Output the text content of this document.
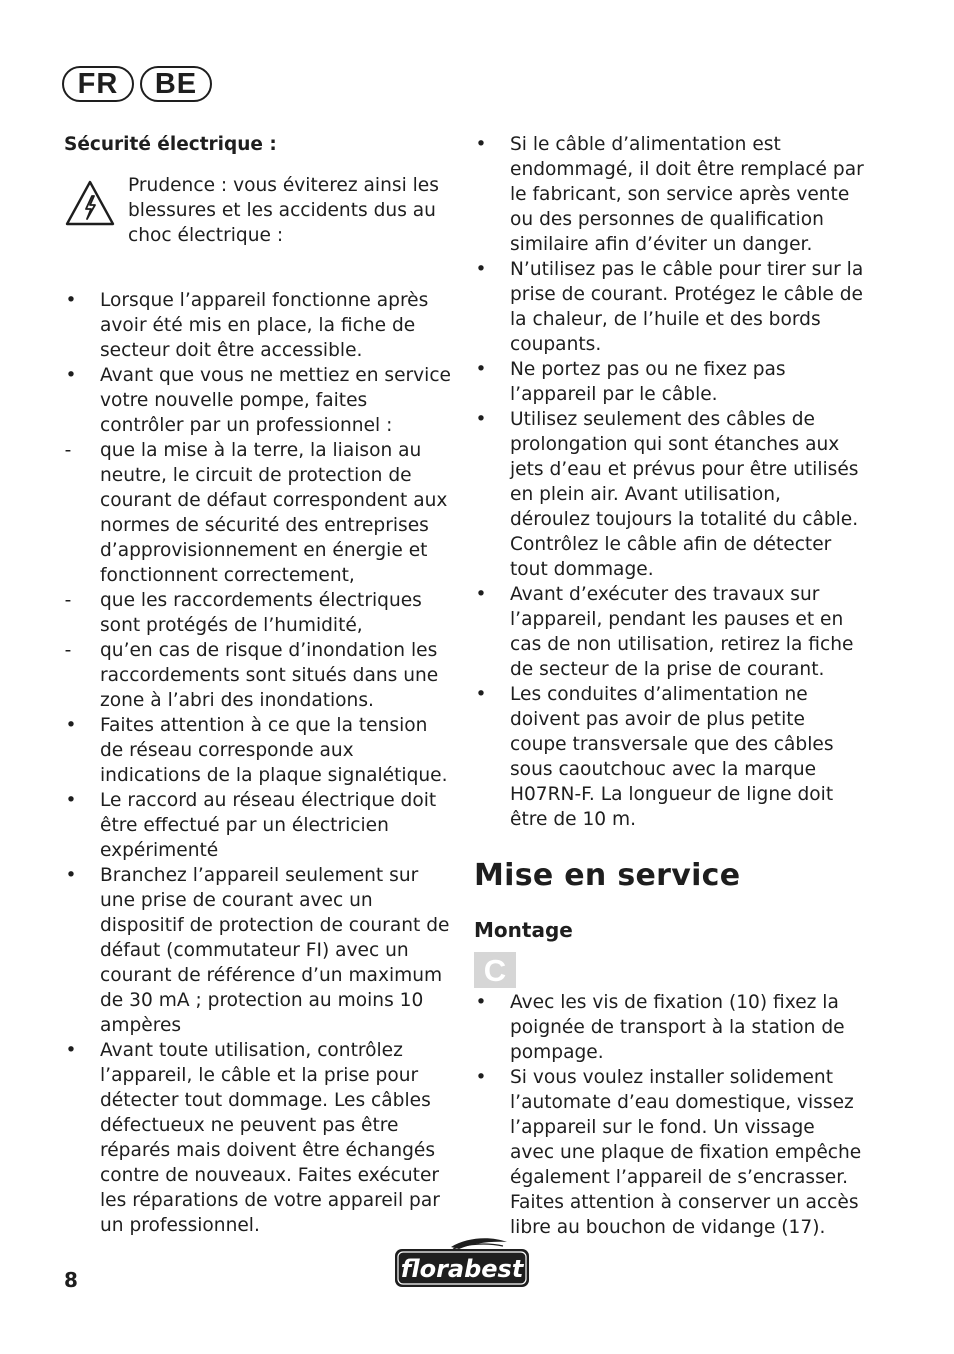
FR	BE
Sécurité électrique :
Prudence : vous éviterez ainsi les blessures et les accidents dus au choc électrique :
• Lorsque l’appareil fonctionne après avoir été mis en place, la fiche de secteur doit être accessible.
• Avant que vous ne mettiez en service votre nouvelle pompe, faites contrôler par un professionnel :
- que la mise à la terre, la liaison au neutre, le circuit de protection de courant de défaut correspondent aux normes de sécurité des entreprises d’approvisionnement en énergie et fonctionnent correctement,
- que les raccordements électriques sont protégés de l’humidité,
- qu’en cas de risque d’inondation les raccordements sont situés dans une zone à l’abri des inondations.
• Faites attention à ce que la tension de réseau corresponde aux indications de la plaque signalétique.
• Le raccord au réseau électrique doit être effectué par un électricien expérimenté
• Branchez l’appareil seulement sur une prise de courant avec un dispositif de protection de courant de défaut (commutateur FI) avec un courant de référence d’un maximum de 30 mA ; protection au moins 10 ampères
• Avant toute utilisation, contrôlez l’appareil, le câble et la prise pour détecter tout dommage. Les câbles défectueux ne peuvent pas être réparés mais doivent être échangés contre de nouveaux. Faites exécuter les réparations de votre appareil par un professionnel.
• Si le câble d’alimentation est endommagé, il doit être remplacé par le fabricant, son service après vente ou des personnes de qualification similaire afin d’éviter un danger.
• N’utilisez pas le câble pour tirer sur la prise de courant. Protégez le câble de la chaleur, de l’huile et des bords coupants.
• Ne portez pas ou ne fixez pas l’appareil par le câble.
• Utilisez seulement des câbles de prolongation qui sont étanches aux jets d’eau et prévus pour être utilisés en plein air. Avant utilisation, déroulez toujours la totalité du câble. Contrôlez le câble afin de détecter tout dommage.
• Avant d’exécuter des travaux sur l’appareil, pendant les pauses et en cas de non utilisation, retirez la fiche de secteur de la prise de courant.
• Les conduites d’alimentation ne doivent pas avoir de plus petite coupe transversale que des câbles sous caoutchouc avec la marque H07RN-F. La longueur de ligne doit être de 10 m.
Mise en service
Montage
C
• Avec les vis de fixation (10) fixez la poignée de transport à la station de pompage.
• Si vous voulez installer solidement l’automate d’eau domestique, vissez l’appareil sur le fond. Un vissage avec une plaque de fixation empêche également l’appareil de s’encrasser.
Faites attention à conserver un accès libre au bouchon de vidange (17).
8	florabest
